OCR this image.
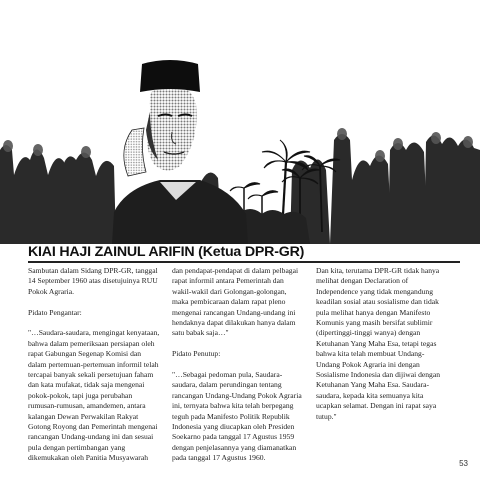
KIAI HAJI ZAINUL ARIFIN (Ketua DPR-GR)

Sambutan dalam Sidang DPR-GR, tanggal 14 September 1960 atas disetujuinya RUU Pokok Agraria.

Pidato Pengantar:

"…Saudara-saudara, mengingat kenyataan, bahwa dalam pemeriksaan persiapan oleh rapat Gabungan Segenap Komisi dan dalam pertemuan-pertemuan informil telah tercapai banyak sekali persetujuan faham dan kata mufakat, tidak saja mengenai pokok-pokok, tapi juga perubahan rumusan-rumusan, amandemen, antara kalangan Dewan Perwakilan Rakyat Gotong Royong dan Pemerintah mengenai rancangan Undang-undang ini dan sesuai pula dengan pertimbangan yang dikemukakan oleh Panitia Musyawarah

dan pendapat-pendapat di dalam pelbagai rapat informil antara Pemerintah dan wakil-wakil dari Golongan-golongan, maka pembicaraan dalam rapat pleno mengenai rancangan Undang-undang ini hendaknya dapat dilakukan hanya dalam satu babak saja…"

Pidato Penutup:

"…Sebagai pedoman pula, Saudara-saudara, dalam perundingan tentang rancangan Undang-Undang Pokok Agraria ini, ternyata bahwa kita telah berpegang teguh pada Manifesto Politik Republik Indonesia yang diucapkan oleh Presiden Soekarno pada tanggal 17 Agustus 1959 dengan penjelasannya yang diamanatkan pada tanggal 17 Agustus 1960.

Dan kita, terutama DPR-GR tidak hanya melihat dengan Declaration of Independence yang tidak mengandung keadilan sosial atau sosialisme dan tidak pula melihat hanya dengan Manifesto Komunis yang masih bersifat sublimir (dipertinggi-tinggi wanya) dengan Ketuhanan Yang Maha Esa, tetapi tegas bahwa kita telah membuat Undang-Undang Pokok Agraria ini dengan Sosialisme Indonesia dan dijiwai dengan Ketuhanan Yang Maha Esa. Saudara-saudara, kepada kita semuanya kita ucapkan selamat. Dengan ini rapat saya tutup."

53
